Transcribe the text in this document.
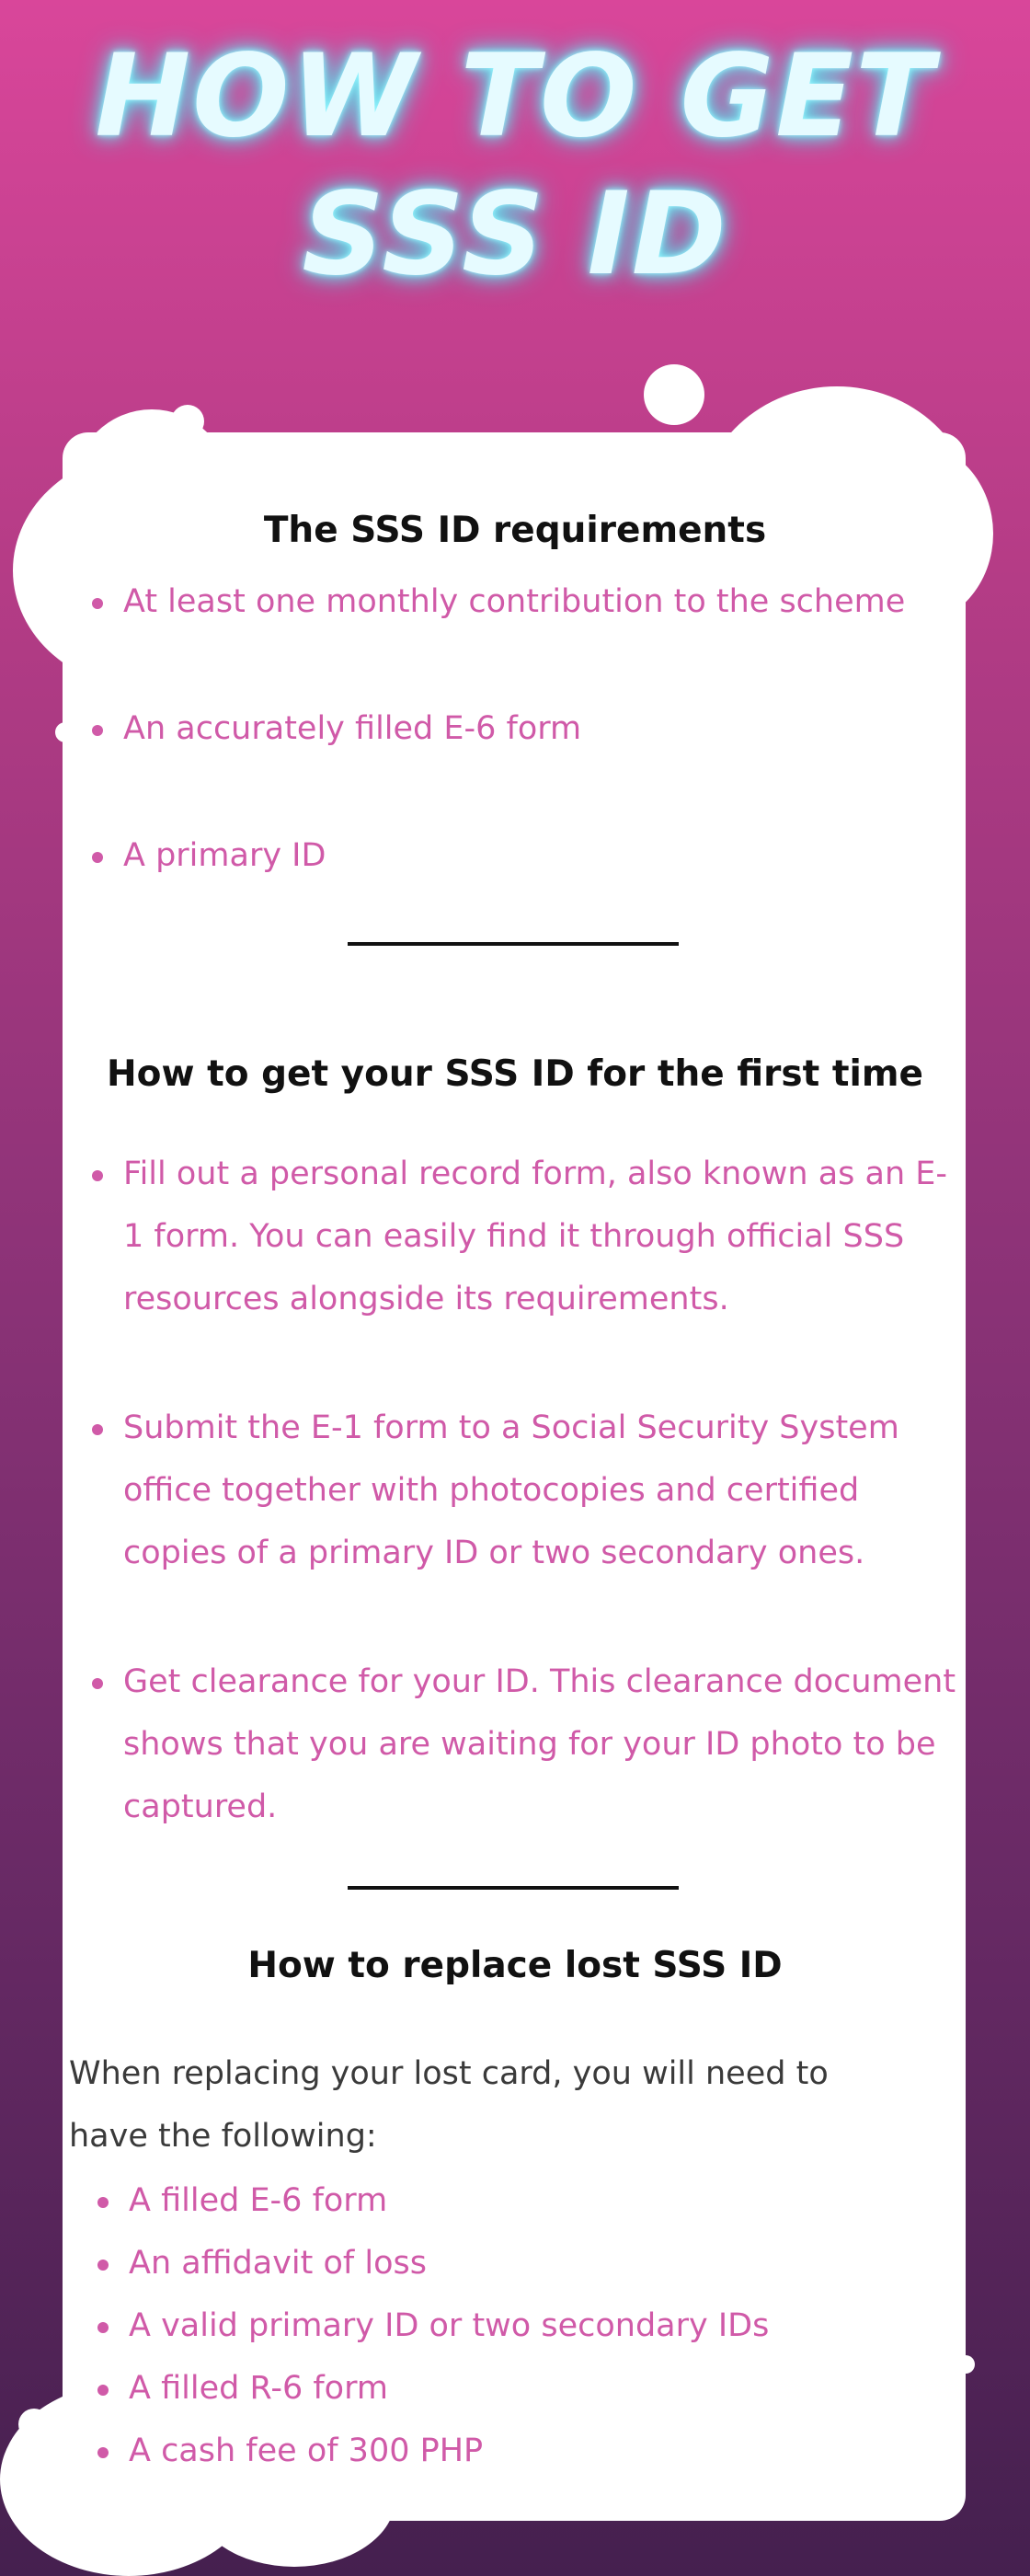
HOW TO GET
SSS ID
The SSS ID requirements
At least one monthly contribution to the scheme
An accurately filled E-6 form
A primary ID
How to get your SSS ID for the first time
Fill out a personal record form, also known as an E-1 form. You can easily find it through official SSS resources alongside its requirements.
Submit the E-1 form to a Social Security System office together with photocopies and certified copies of a primary ID or two secondary ones.
Get clearance for your ID. This clearance document shows that you are waiting for your ID photo to be captured.
How to replace lost SSS ID

When replacing your lost card, you will need to have the following:

A filled E-6 form
An affidavit of loss
A valid primary ID or two secondary IDs
A filled R-6 form
A cash fee of 300 PHP
